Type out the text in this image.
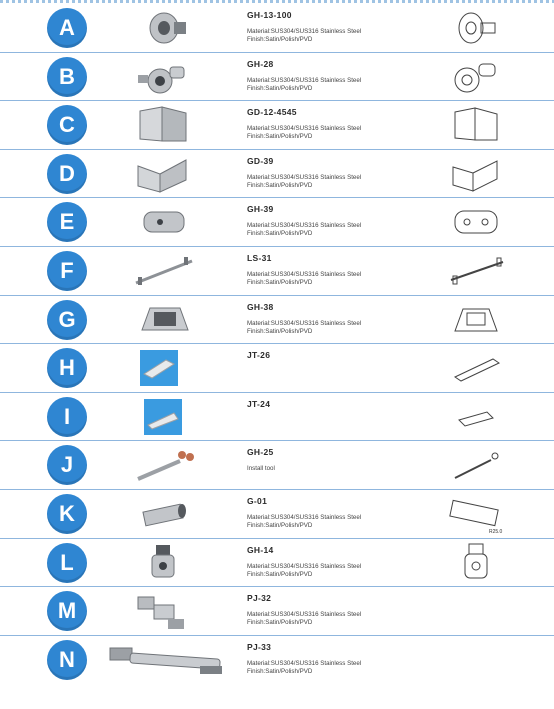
A	GH-13-100
Material:SUS304/SUS316 Stainless Steel
Finish:Satin/Polish/PVD
B	GH-28
Material:SUS304/SUS316 Stainless Steel
Finish:Satin/Polish/PVD
C	GD-12-4545
Material:SUS304/SUS316 Stainless Steel
Finish:Satin/Polish/PVD
D	GD-39
Material:SUS304/SUS316 Stainless Steel
Finish:Satin/Polish/PVD
E	GH-39
Material:SUS304/SUS316 Stainless Steel
Finish:Satin/Polish/PVD
F	LS-31
Material:SUS304/SUS316 Stainless Steel
Finish:Satin/Polish/PVD
G	GH-38
Material:SUS304/SUS316 Stainless Steel
Finish:Satin/Polish/PVD
H	JT-26
I	JT-24
J	GH-25
Install tool
K	G-01
Material:SUS304/SUS316 Stainless Steel
Finish:Satin/Polish/PVD
R25.0
L	GH-14
Material:SUS304/SUS316 Stainless Steel
Finish:Satin/Polish/PVD
M	PJ-32
Material:SUS304/SUS316 Stainless Steel
Finish:Satin/Polish/PVD
N	PJ-33
Material:SUS304/SUS316 Stainless Steel
Finish:Satin/Polish/PVD
